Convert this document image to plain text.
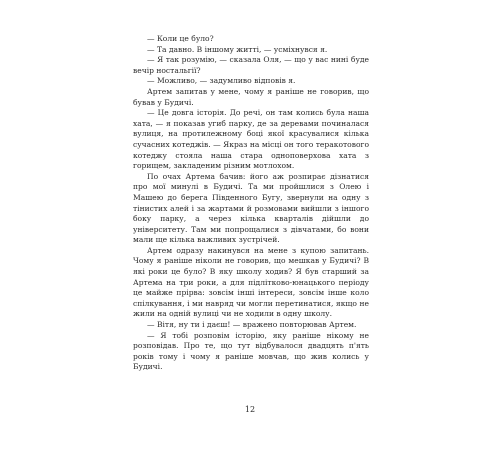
— Коли це було?

— Та давно. В іншому житті, — усміхнувся я.

— Я так розумію, — сказала Оля, — що у вас нині буде вечір ностальгії?

— Можливо, — задумливо відповів я.

Артем запитав у мене, чому я раніше не говорив, що бував у Будичі.

— Це довга історія. До речі, он там колись була наша хата, — я показав угиб парку, де за деревами починалася вулиця, на протилежному боці якої красувалися кілька сучасних котеджів. — Якраз на місці он того теракотового котеджу стояла наша стара одноповерхова хата з горищем, закладеним різним мотлохом.

По очах Артема бачив: його аж розпирає дізнатися про мої минулі в Будичі. Та ми пройшлися з Олею і Машею до берега Південного Бугу, звернули на одну з тінистих алей і за жартами й розмовами вийшли з іншого боку парку, а через кілька кварталів дійшли до університету. Там ми попрощалися з дівчатами, бо вони мали ще кілька важливих зустрічей.

Артем одразу накинувся на мене з купою запитань. Чому я раніше ніколи не говорив, що мешкав у Будичі? В які роки це було? В яку школу ходив? Я був старший за Артема на три роки, а для підлітково-юнацького періоду це майже прірва: зовсім інші інтереси, зовсім інше коло спілкування, і ми навряд чи могли перетинатися, якщо не жили на одній вулиці чи не ходили в одну школу.

— Вітя, ну ти і даєш! — вражено повторював Артем.

— Я тобі розповім історію, яку раніше нікому не розповідав. Про те, що тут відбувалося двадцять п'ять років тому і чому я раніше мовчав, що жив колись у Будичі.

12
